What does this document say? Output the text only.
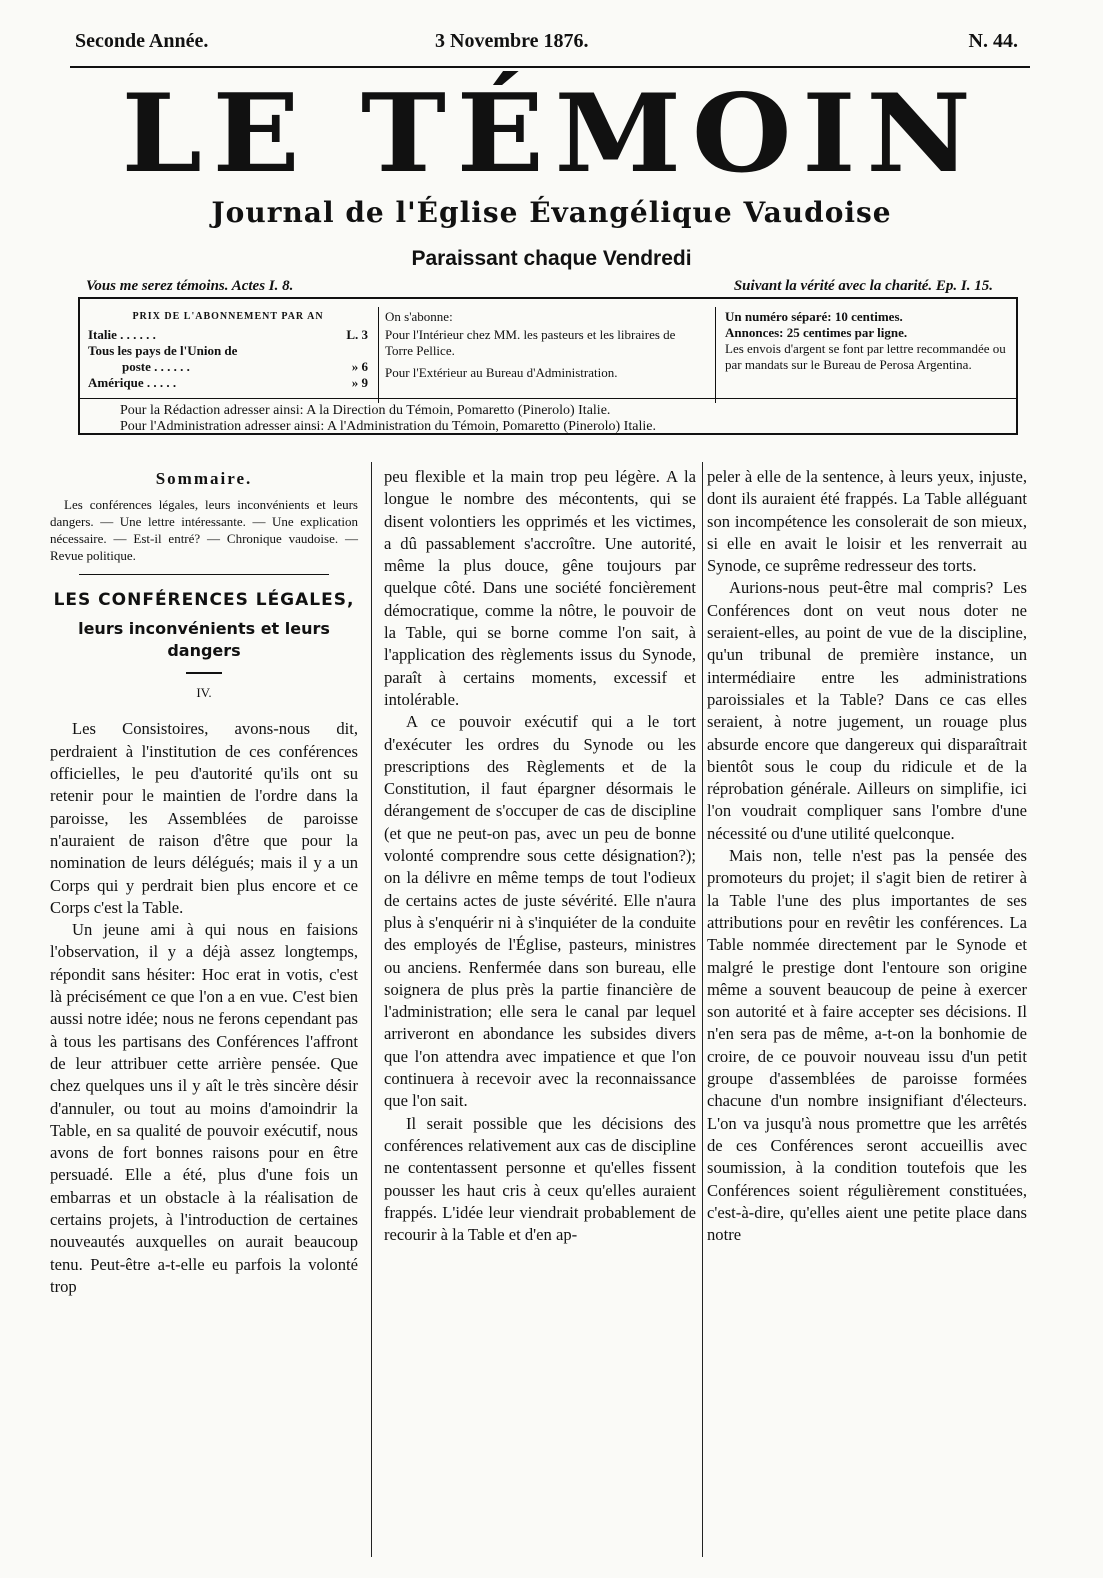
Seconde Année.	3 Novembre 1876.	N. 44.
LE TÉMOIN
Journal de l'Église Évangélique Vaudoise
Paraissant chaque Vendredi
Vous me serez témoins. Actes I. 8.	Suivant la vérité avec la charité. Ep. I. 15.
PRIX DE L'ABONNEMENT PAR AN
Italie . . . . . .	L. 3
Tous les pays de l'Union de
poste . . . . . .	» 6
Amérique . . . . .	» 9
On s'abonne:
Pour l'Intérieur chez MM. les pasteurs et les libraires de Torre Pellice.
Pour l'Extérieur au Bureau d'Administration.
Un numéro séparé: 10 centimes.
Annonces: 25 centimes par ligne.
Les envois d'argent se font par lettre recommandée ou par mandats sur le Bureau de Perosa Argentina.
Pour la Rédaction adresser ainsi: A la Direction du Témoin, Pomaretto (Pinerolo) Italie.
Pour l'Administration adresser ainsi: A l'Administration du Témoin, Pomaretto (Pinerolo) Italie.
Sommaire.
Les conférences légales, leurs inconvénients et leurs dangers. — Une lettre intéressante. — Une explication nécessaire. — Est-il entré? — Chronique vaudoise. — Revue politique.
LES CONFÉRENCES LÉGALES,
leurs inconvénients et leurs dangers
IV.

Les Consistoires, avons-nous dit, perdraient à l'institution de ces conférences officielles, le peu d'autorité qu'ils ont su retenir pour le maintien de l'ordre dans la paroisse, les Assemblées de paroisse n'auraient de raison d'être que pour la nomination de leurs délégués; mais il y a un Corps qui y perdrait bien plus encore et ce Corps c'est la Table.

Un jeune ami à qui nous en faisions l'observation, il y a déjà assez longtemps, répondit sans hésiter: Hoc erat in votis, c'est là précisément ce que l'on a en vue. C'est bien aussi notre idée; nous ne ferons cependant pas à tous les partisans des Conférences l'affront de leur attribuer cette arrière pensée. Que chez quelques uns il y aît le très sincère désir d'annuler, ou tout au moins d'amoindrir la Table, en sa qualité de pouvoir exécutif, nous avons de fort bonnes raisons pour en être persuadé. Elle a été, plus d'une fois un embarras et un obstacle à la réalisation de certains projets, à l'introduction de certaines nouveautés auxquelles on aurait beaucoup tenu. Peut-être a-t-elle eu parfois la volonté trop

peu flexible et la main trop peu légère. A la longue le nombre des mécontents, qui se disent volontiers les opprimés et les victimes, a dû passablement s'accroître. Une autorité, même la plus douce, gêne toujours par quelque côté. Dans une société foncièrement démocratique, comme la nôtre, le pouvoir de la Table, qui se borne comme l'on sait, à l'application des règlements issus du Synode, paraît à certains moments, excessif et intolérable.

A ce pouvoir exécutif qui a le tort d'exécuter les ordres du Synode ou les prescriptions des Règlements et de la Constitution, il faut épargner désormais le dérangement de s'occuper de cas de discipline (et que ne peut-on pas, avec un peu de bonne volonté comprendre sous cette désignation?); on la délivre en même temps de tout l'odieux de certains actes de juste sévérité. Elle n'aura plus à s'enquérir ni à s'inquiéter de la conduite des employés de l'Église, pasteurs, ministres ou anciens. Renfermée dans son bureau, elle soignera de plus près la partie financière de l'administration; elle sera le canal par lequel arriveront en abondance les subsides divers que l'on attendra avec impatience et que l'on continuera à recevoir avec la reconnaissance que l'on sait.

Il serait possible que les décisions des conférences relativement aux cas de discipline ne contentassent personne et qu'elles fissent pousser les haut cris à ceux qu'elles auraient frappés. L'idée leur viendrait probablement de recourir à la Table et d'en ap-

peler à elle de la sentence, à leurs yeux, injuste, dont ils auraient été frappés. La Table alléguant son incompétence les consolerait de son mieux, si elle en avait le loisir et les renverrait au Synode, ce suprême redresseur des torts.

Aurions-nous peut-être mal compris? Les Conférences dont on veut nous doter ne seraient-elles, au point de vue de la discipline, qu'un tribunal de première instance, un intermédiaire entre les administrations paroissiales et la Table? Dans ce cas elles seraient, à notre jugement, un rouage plus absurde encore que dangereux qui disparaîtrait bientôt sous le coup du ridicule et de la réprobation générale. Ailleurs on simplifie, ici l'on voudrait compliquer sans l'ombre d'une nécessité ou d'une utilité quelconque.

Mais non, telle n'est pas la pensée des promoteurs du projet; il s'agit bien de retirer à la Table l'une des plus importantes de ses attributions pour en revêtir les conférences. La Table nommée directement par le Synode et malgré le prestige dont l'entoure son origine même a souvent beaucoup de peine à exercer son autorité et à faire accepter ses décisions. Il n'en sera pas de même, a-t-on la bonhomie de croire, de ce pouvoir nouveau issu d'un petit groupe d'assemblées de paroisse formées chacune d'un nombre insignifiant d'électeurs. L'on va jusqu'à nous promettre que les arrêtés de ces Conférences seront accueillis avec soumission, à la condition toutefois que les Conférences soient régulièrement constituées, c'est-à-dire, qu'elles aient une petite place dans notre
